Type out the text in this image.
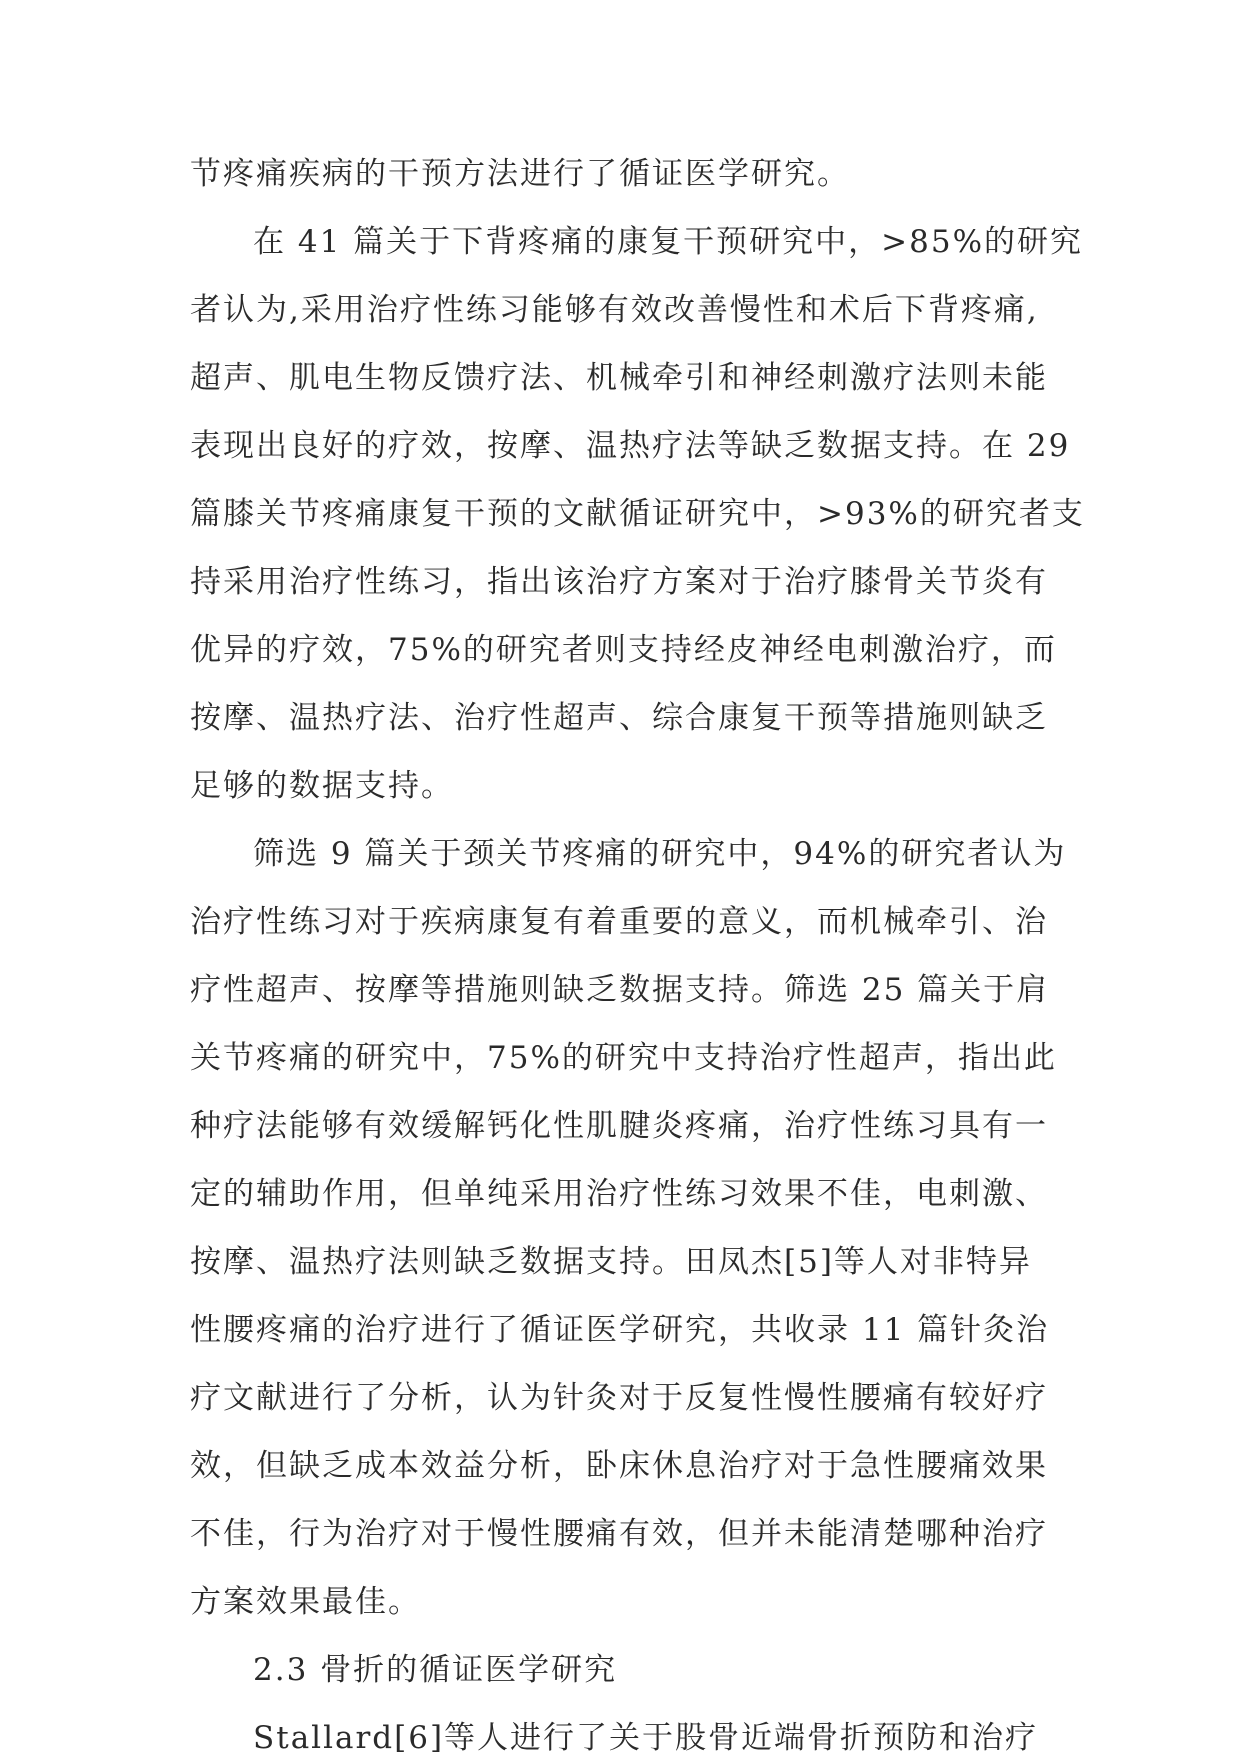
节疼痛疾病的干预方法进行了循证医学研究。

在 41 篇关于下背疼痛的康复干预研究中，>85%的研究

者认为,采用治疗性练习能够有效改善慢性和术后下背疼痛,

超声、肌电生物反馈疗法、机械牵引和神经刺激疗法则未能

表现出良好的疗效，按摩、温热疗法等缺乏数据支持。在 29

篇膝关节疼痛康复干预的文献循证研究中，>93%的研究者支

持采用治疗性练习，指出该治疗方案对于治疗膝骨关节炎有

优异的疗效，75%的研究者则支持经皮神经电刺激治疗，而

按摩、温热疗法、治疗性超声、综合康复干预等措施则缺乏

足够的数据支持。

筛选 9 篇关于颈关节疼痛的研究中，94%的研究者认为

治疗性练习对于疾病康复有着重要的意义，而机械牵引、治

疗性超声、按摩等措施则缺乏数据支持。筛选 25 篇关于肩

关节疼痛的研究中，75%的研究中支持治疗性超声，指出此

种疗法能够有效缓解钙化性肌腱炎疼痛，治疗性练习具有一

定的辅助作用，但单纯采用治疗性练习效果不佳，电刺激、

按摩、温热疗法则缺乏数据支持。田凤杰[5]等人对非特异

性腰疼痛的治疗进行了循证医学研究，共收录 11 篇针灸治

疗文献进行了分析，认为针灸对于反复性慢性腰痛有较好疗

效，但缺乏成本效益分析，卧床休息治疗对于急性腰痛效果

不佳，行为治疗对于慢性腰痛有效，但并未能清楚哪种治疗

方案效果最佳。

2.3 骨折的循证医学研究

Stallard[6]等人进行了关于股骨近端骨折预防和治疗
